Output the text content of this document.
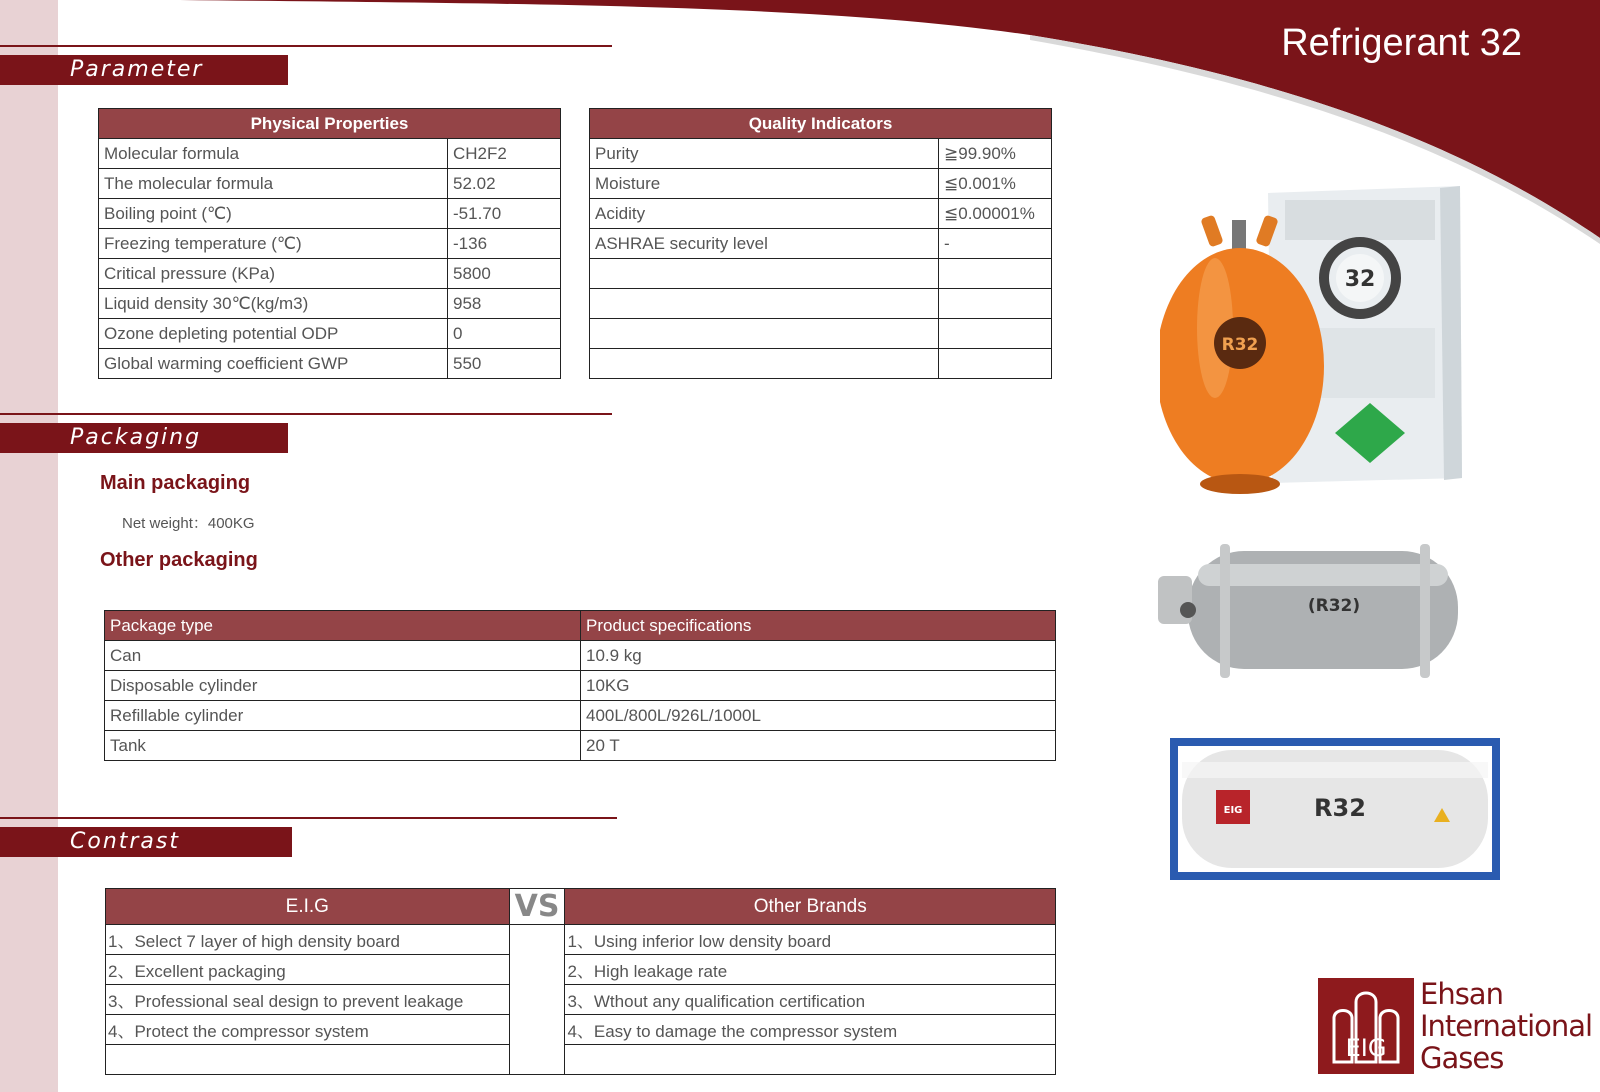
Refrigerant 32
Parameter
Physical Properties	
Molecular formula	CH2F2
The molecular formula	52.02
Boiling point (℃)	-51.70
Freezing temperature (℃)	-136
Critical pressure (KPa)	5800
Liquid density 30℃(kg/m3)	958
Ozone depleting potential ODP	0
Global warming coefficient GWP	550
Quality Indicators	
Purity	≧99.90%
Moisture	≦0.001%
Acidity	≦0.00001%
ASHRAE security level	-

Packaging
Main packaging
Net weight：400KG
Other packaging
Package type	Product specifications
Can	10.9 kg
Disposable cylinder	10KG
Refillable cylinder	400L/800L/926L/1000L
Tank	20 T
Contrast
E.I.G	VS	Other Brands
1、Select 7 layer of high density board		1、Using inferior low density board
2、Excellent packaging		2、High leakage rate
3、Professional seal design to prevent leakage		3、Wthout any qualification certification
4、Protect the compressor system		4、Easy to damage the compressor system

32
R32
(R32)
EIG	R32
EIG
Ehsan
International
Gases
